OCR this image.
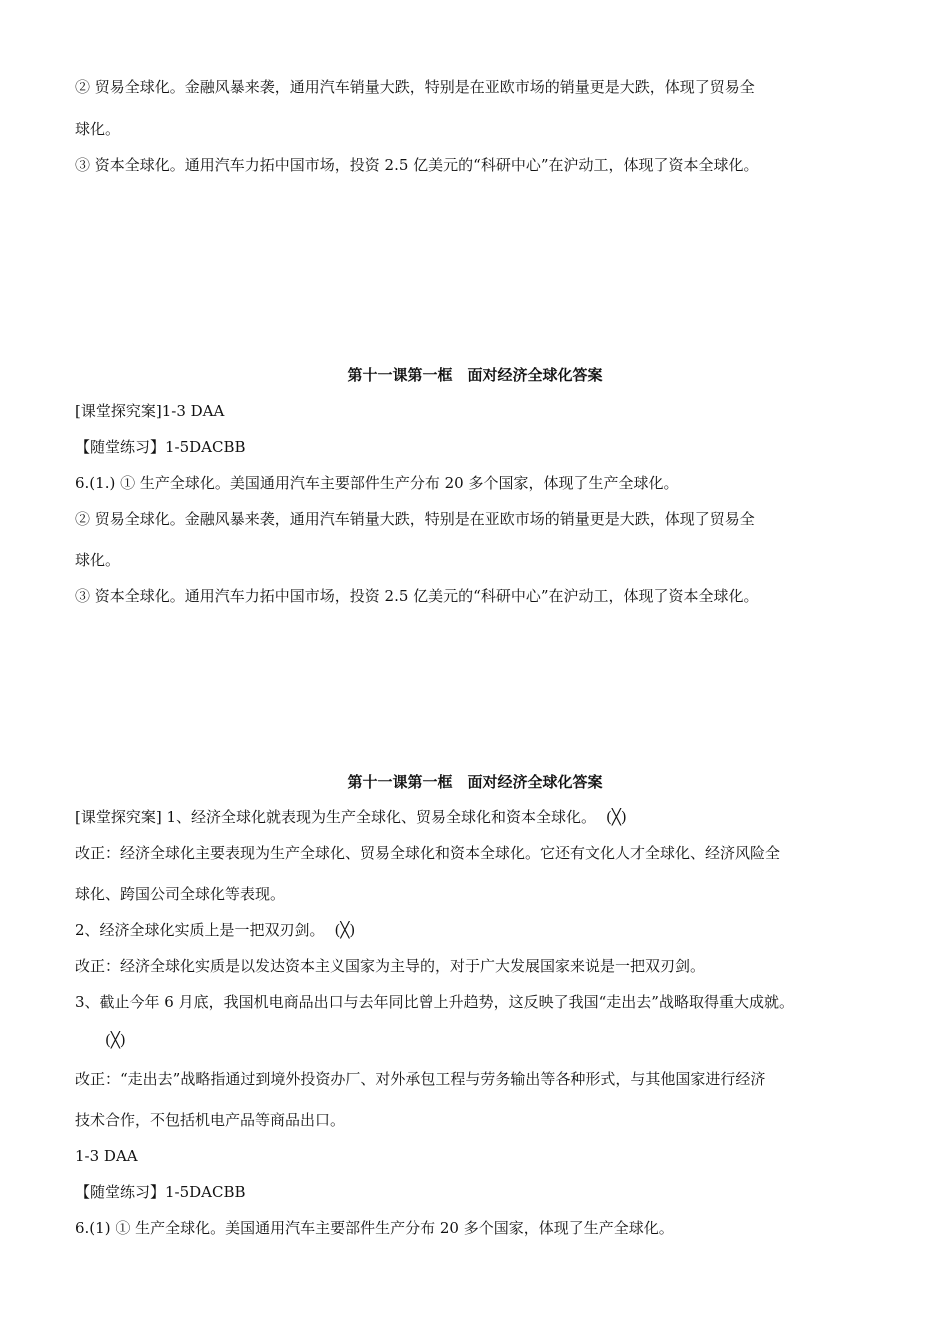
② 贸易全球化。金融风暴来袭，通用汽车销量大跌，特别是在亚欧市场的销量更是大跌，体现了贸易全
球化。
③ 资本全球化。通用汽车力拓中国市场，投资 2.5 亿美元的“科研中心”在沪动工，体现了资本全球化。
第十一课第一框　面对经济全球化答案
[课堂探究案]1-3 DAA
【随堂练习】1-5DACBB
6.(1.) ① 生产全球化。美国通用汽车主要部件生产分布 20 多个国家，体现了生产全球化。
② 贸易全球化。金融风暴来袭，通用汽车销量大跌，特别是在亚欧市场的销量更是大跌，体现了贸易全
球化。
③ 资本全球化。通用汽车力拓中国市场，投资 2.5 亿美元的“科研中心”在沪动工，体现了资本全球化。
第十一课第一框　面对经济全球化答案
[课堂探究案] 1、经济全球化就表现为生产全球化、贸易全球化和资本全球化。 (╳)
改正：经济全球化主要表现为生产全球化、贸易全球化和资本全球化。它还有文化人才全球化、经济风险全
球化、跨国公司全球化等表现。
2、经济全球化实质上是一把双刃剑。 (╳)
改正：经济全球化实质是以发达资本主义国家为主导的，对于广大发展国家来说是一把双刃剑。
3、截止今年 6 月底，我国机电商品出口与去年同比曾上升趋势，这反映了我国“走出去”战略取得重大成就。
(╳)
改正：“走出去”战略指通过到境外投资办厂、对外承包工程与劳务输出等各种形式，与其他国家进行经济
技术合作，不包括机电产品等商品出口。
1-3 DAA
【随堂练习】1-5DACBB
6.(1) ① 生产全球化。美国通用汽车主要部件生产分布 20 多个国家，体现了生产全球化。
